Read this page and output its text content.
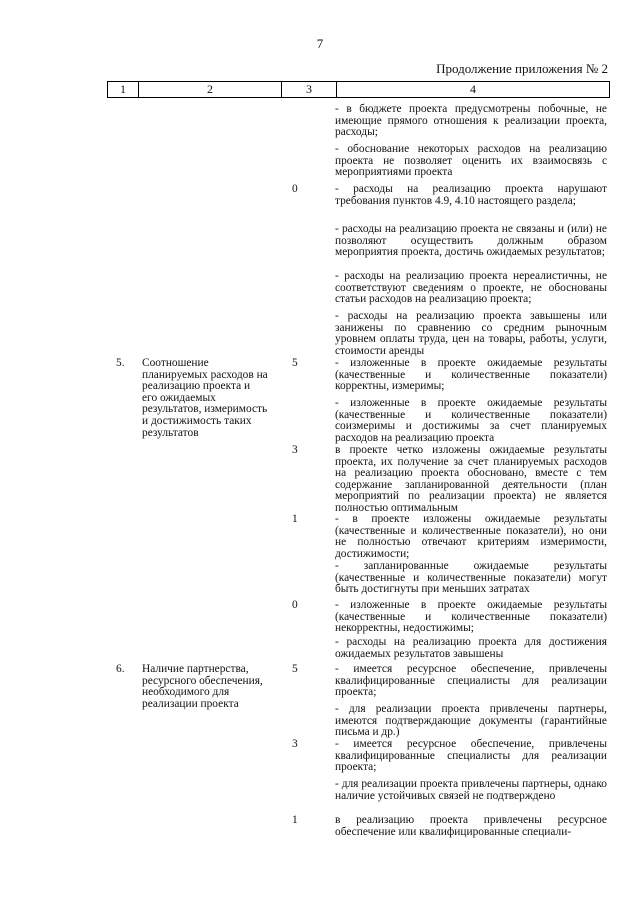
7
Продолжение приложения № 2
1	2	3	4
- в бюджете проекта предусмотрены побочные, не имеющие прямого отношения к реализации проекта, расходы;
- обоснование некоторых расходов на реализацию проекта не позволяет оценить их взаимосвязь с мероприятиями проекта
0	- расходы на реализацию проекта нарушают требования пунктов 4.9, 4.10 настоящего раздела;
- расходы на реализацию проекта не связаны и (или) не позволяют осуществить должным образом мероприятия проекта, достичь ожидаемых результатов;
- расходы на реализацию проекта нереалистичны, не соответствуют сведениям о проекте, не обоснованы статьи расходов на реализацию проекта;
- расходы на реализацию проекта завышены или занижены по сравнению со средним рыночным уровнем оплаты труда, цен на товары, работы, услуги, стоимости аренды
5.	Соотношение планируемых расходов на реализацию проекта и его ожидаемых результатов, измеримость и достижимость таких результатов
5	- изложенные в проекте ожидаемые результаты (качественные и количественные показатели) корректны, измеримы;
- изложенные в проекте ожидаемые результаты (качественные и количественные показатели) соизмеримы и достижимы за счет планируемых расходов на реализацию проекта
3	в проекте четко изложены ожидаемые результаты проекта, их получение за счет планируемых расходов на реализацию проекта обосновано, вместе с тем содержание запланированной деятельности (план мероприятий по реализации проекта) не является полностью оптимальным
1	- в проекте изложены ожидаемые результаты (качественные и количественные показатели), но они не полностью отвечают критериям измеримости, достижимости;
- запланированные ожидаемые результаты (качественные и количественные показатели) могут быть достигнуты при меньших затратах
0	- изложенные в проекте ожидаемые результаты (качественные и количественные показатели) некорректны, недостижимы;
- расходы на реализацию проекта для достижения ожидаемых результатов завышены
6.	Наличие партнерства, ресурсного обеспечения, необходимого для реализации проекта
5	- имеется ресурсное обеспечение, привлечены квалифицированные специалисты для реализации проекта;
- для реализации проекта привлечены партнеры, имеются подтверждающие документы (гарантийные письма и др.)
3	- имеется ресурсное обеспечение, привлечены квалифицированные специалисты для реализации проекта;
- для реализации проекта привлечены партнеры, однако наличие устойчивых связей не подтверждено
1	в реализацию проекта привлечены ресурсное обеспечение или квалифицированные специали-
